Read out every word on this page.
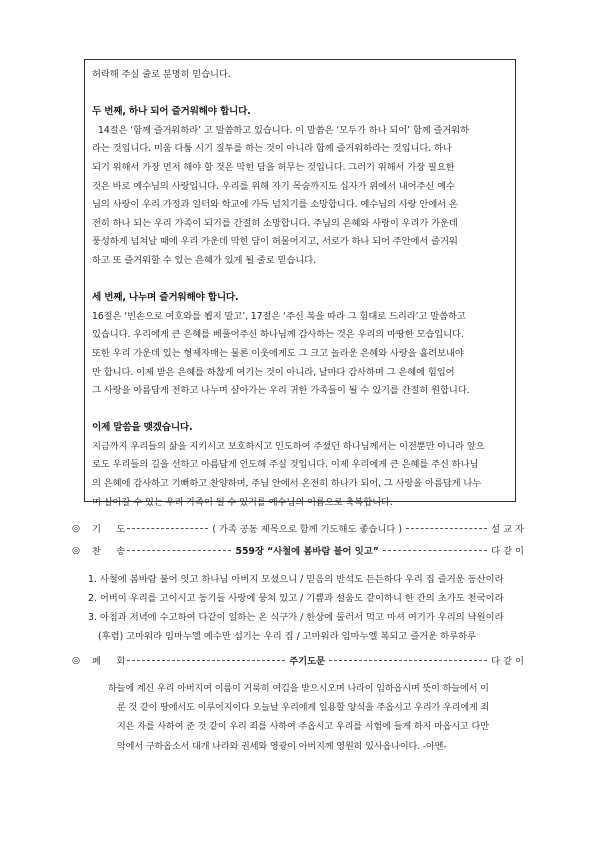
허락해 주실 줄로 분명히 믿습니다.

두 번째, 하나 되어 즐거워해야 합니다.

14절은 ‘함께 즐거워하라’ 고 말씀하고 있습니다. 이 말씀은 ‘모두가 하나 되어’ 함께 즐거워하

라는 것입니다. 미움 다툼 시기 질투를 하는 것이 아니라 함께 즐거워하라는 것입니다. 하나

되기 위해서 가장 먼저 해야 할 것은 막힌 담을 허무는 것입니다. 그러기 위해서 가장 필요한

것은 바로 예수님의 사랑입니다. 우리를 위해 자기 목숨까지도 십자가 위에서 내어주신 예수

님의 사랑이 우리 가정과 일터와 학교에 가득 넘치기를 소망합니다. 예수님의 사랑 안에서 온

전히 하나 되는 우리 가족이 되기를 간절히 소망합니다. 주님의 은혜와 사랑이 우리가 가운데

풍성하게 넘쳐날 때에 우리 가운데 막힌 담이 허물어지고, 서로가 하나 되어 주안에서 즐거워

하고 또 즐거워할 수 있는 은혜가 있게 될 줄로 믿습니다.

세 번째, 나누며 즐거워해야 합니다.

16절은 ‘빈손으로 여호와를 뵙지 말고’, 17절은 ‘주신 복을 따라 그 힘대로 드리라’고 말씀하고

있습니다. 우리에게 큰 은혜를 베풀어주신 하나님께 감사하는 것은 우리의 마땅한 모습입니다.

또한 우리 가운데 있는 형제자매는 물론 이웃에게도 그 크고 놀라운 은혜와 사랑을 흘려보내야

만 합니다. 이제 받은 은혜를 하찮게 여기는 것이 아니라, 날마다 감사하며 그 은혜에 힘입어

그 사랑을 아름답게 전하고 나누며 살아가는 우리 귀한 가족들이 될 수 있기를 간절히 원합니다.

이제 말씀을 맺겠습니다.

지금까지 우리들의 삶을 지키시고 보호하시고 인도하여 주셨던 하나님께서는 이전뿐만 아니라 앞으

로도 우리들의 길을 선하고 아름답게 인도해 주실 것입니다. 이제 우리에게 큰 은혜를 주신 하나님

의 은혜에 감사하고 기뻐하고 찬양하며, 주님 안에서 온전히 하나가 되어, 그 사랑을 아름답게 나누

며 살아갈 수 있는 우리 가족이 될 수 있기를 예수님의 이름으로 축복합니다.

◎	기 　 도	( 가족 공동 제목으로 함께 기도해도 좋습니다 )	설 교 자
◎	찬 　 송	559장 “사철에 봄바람 불어 잇고”	다 같 이
1. 사철에 봄바람 불어 잇고 하나님 아버지 모셨으니 / 믿음의 반석도 든든하다 우리 집 즐거운 동산이라
2. 어버이 우리를 고이시고 동기들 사랑에 뭉쳐 있고 / 기쁨과 설움도 같이하니 한 간의 초가도 천국이라
3. 아침과 저녁에 수고하여 다같이 일하는 온 식구가 / 한상에 둘러서 먹고 마셔 여기가 우리의 낙원이라
(후렴) 고마워라 임마누엘 예수만 섬기는 우리 집 / 고마워라 임마누엘 복되고 즐거운 하루하루
◎	폐 　 회	주기도문	다 같 이
하늘에 계신 우리 아버지여 이름이 거룩히 여김을 받으시오며 나라이 임하옵시며 뜻이 하늘에서 이
룬 것 같이 땅에서도 이루어지이다 오늘날 우리에게 일용할 양식을 주옵시고 우리가 우리에게 죄
지은 자를 사하여 준 것 같이 우리 죄를 사하여 주옵시고 우리를 시험에 들게 하지 마옵시고 다만
악에서 구하옵소서 대개 나라와 권세와 영광이 아버지께 영원히 있사옵나이다. -아멘-
